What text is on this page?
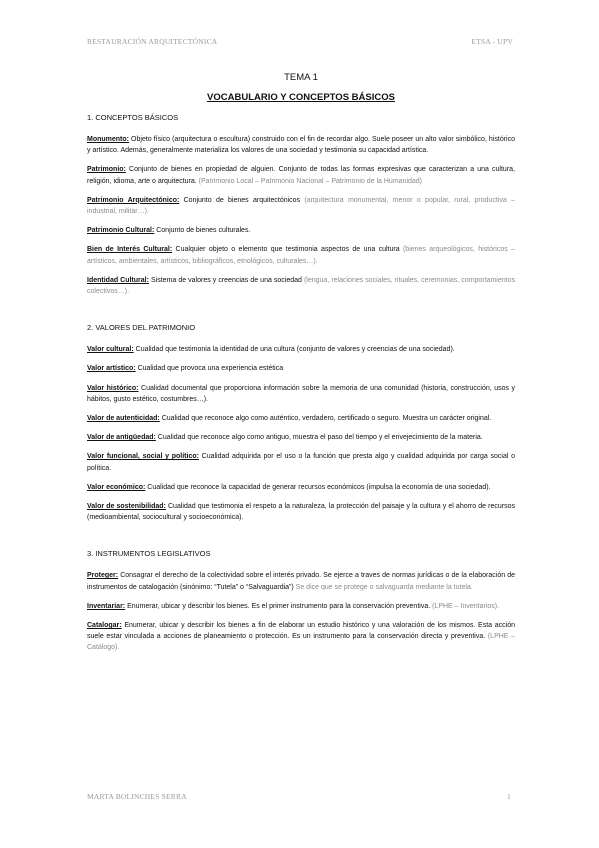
RESTAURACIÓN ARQUITECTÓNICA	ETSA - UPV
TEMA 1
VOCABULARIO Y CONCEPTOS BÁSICOS
1. CONCEPTOS BÁSICOS
Monumento: Objeto físico (arquitectura o escultura) construido con el fin de recordar algo. Suele poseer un alto valor simbólico, histórico y artístico. Además, generalmente materializa los valores de una sociedad y testimonia su capacidad artística.
Patrimonio: Conjunto de bienes en propiedad de alguien. Conjunto de todas las formas expresivas que caracterizan a una cultura, religión, idioma, arte o arquitectura. (Patrimonio Local – Patrimonio Nacional – Patrimonio de la Humanidad)
Patrimonio Arquitectónico: Conjunto de bienes arquitectónicos (arquitectura monumental, menor o popular, rural, productiva – industrial, militar…).
Patrimonio Cultural: Conjunto de bienes culturales.
Bien de Interés Cultural: Cualquier objeto o elemento que testimonia aspectos de una cultura (bienes arqueológicos, históricos – artísticos, ambientales, artísticos, bibliográficos, etnológicos, culturales…).
Identidad Cultural: Sistema de valores y creencias de una sociedad (lengua, relaciones sociales, rituales, ceremonias, comportamientos colectivos…).
2. VALORES DEL PATRIMONIO
Valor cultural: Cualidad que testimonia la identidad de una cultura (conjunto de valores y creencias de una sociedad).
Valor artístico: Cualidad que provoca una experiencia estética
Valor histórico: Cualidad documental que proporciona información sobre la memoria de una comunidad (historia, construcción, usos y hábitos, gusto estético, costumbres…).
Valor de autenticidad: Cualidad que reconoce algo como auténtico, verdadero, certificado o seguro. Muestra un carácter original.
Valor de antigüedad: Cualidad que reconoce algo como antiguo, muestra el paso del tiempo y el envejecimiento de la materia.
Valor funcional, social y político: Cualidad adquirida por el uso o la función que presta algo y cualidad adquirida por carga social o política.
Valor económico: Cualidad que reconoce la capacidad de generar recursos económicos (impulsa la economía de una sociedad).
Valor de sostenibilidad: Cualidad que testimonia el respeto a la naturaleza, la protección del paisaje y la cultura y el ahorro de recursos (medioambiental, sociocultural y socioeconómica).
3. INSTRUMENTOS LEGISLATIVOS
Proteger: Consagrar el derecho de la colectividad sobre el interés privado. Se ejerce a traves de normas jurídicas o de la elaboración de instrumentos de catalogación (sinónimo: “Tutela” o “Salvaguardia”) Se dice que se protege o salvaguarda mediante la tutela.
Inventariar: Enumerar, ubicar y describir los bienes. Es el primer instrumento para la conservación preventiva. (LPHE – Inventarios).
Catalogar: Enumerar, ubicar y describir los bienes a fin de elaborar un estudio histórico y una valoración de los mismos. Esta acción suele estar vinculada a acciones de planeamiento o protección. Es un instrumento para la conservación directa y preventiva. (LPHE – Catálogo).
MARTA BOLINCHES SERRA	1
